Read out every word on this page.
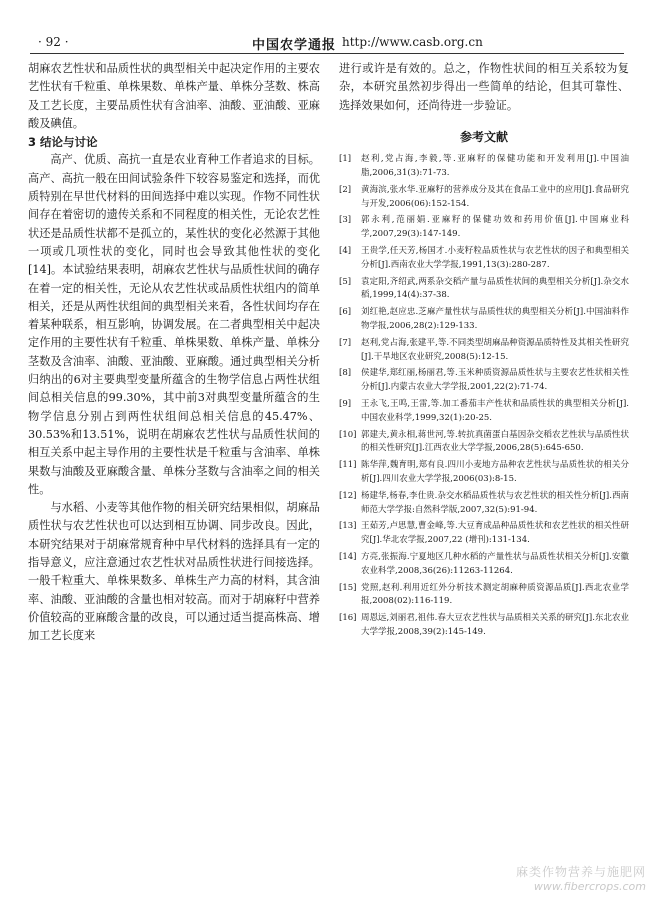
· 92 ·	中国农学通报 http://www.casb.org.cn

胡麻农艺性状和品质性状的典型相关中起决定作用的主要农艺性状有千粒重、单株果数、单株产量、单株分茎数、株高及工艺长度，主要品质性状有含油率、油酸、亚油酸、亚麻酸及碘值。

3 结论与讨论

高产、优质、高抗一直是农业育种工作者追求的目标。高产、高抗一般在田间试验条件下较容易鉴定和选择，而优质特别在早世代材料的田间选择中难以实现。作物不同性状间存在着密切的遗传关系和不同程度的相关性，无论农艺性状还是品质性状都不是孤立的，某性状的变化必然源于其他一项或几项性状的变化，同时也会导致其他性状的变化[14]。本试验结果表明，胡麻农艺性状与品质性状间的确存在着一定的相关性，无论从农艺性状或品质性状组内的简单相关，还是从两性状组间的典型相关来看，各性状间均存在着某种联系，相互影响，协调发展。在二者典型相关中起决定作用的主要性状有千粒重、单株果数、单株产量、单株分茎数及含油率、油酸、亚油酸、亚麻酸。通过典型相关分析归纳出的6对主要典型变量所蕴含的生物学信息占两性状组间总相关信息的99.30%，其中前3对典型变量所蕴含的生物学信息分别占到两性状组间总相关信息的45.47%、30.53%和13.51%，说明在胡麻农艺性状与品质性状间的相互关系中起主导作用的主要性状是千粒重与含油率、单株果数与油酸及亚麻酸含量、单株分茎数与含油率之间的相关性。

与水稻、小麦等其他作物的相关研究结果相似，胡麻品质性状与农艺性状也可以达到相互协调、同步改良。因此，本研究结果对于胡麻常规育种中早代材料的选择具有一定的指导意义，应注意通过农艺性状对品质性状进行间接选择。一般千粒重大、单株果数多、单株生产力高的材料，其含油率、油酸、亚油酸的含量也相对较高。而对于胡麻籽中营养价值较高的亚麻酸含量的改良，可以通过适当提高株高、增加工艺长度来

进行或许是有效的。总之，作物性状间的相互关系较为复杂，本研究虽然初步得出一些简单的结论，但其可靠性、选择效果如何，还尚待进一步验证。

参考文献
[1]	赵利,党占海,李毅,等.亚麻籽的保健功能和开发利用[J].中国油脂,2006,31(3):71-73.
[2]	黄海滨,张水华.亚麻籽的营养成分及其在食品工业中的应用[J].食品研究与开发,2006(06):152-154.
[3]	郭永利,范丽娟.亚麻籽的保健功效和药用价值[J].中国麻业科学,2007,29(3):147-149.
[4]	王贵学,任天芳,杨国才.小麦籽粒品质性状与农艺性状的因子和典型相关分析[J].西南农业大学学报,1991,13(3):280-287.
[5]	袁定阳,齐绍武,两系杂交稻产量与品质性状间的典型相关分析[J].杂交水稻,1999,14(4):37-38.
[6]	刘红艳,赵应忠.芝麻产量性状与品质性状的典型相关分析[J].中国油料作物学报,2006,28(2):129-133.
[7]	赵利,党占海,张建平,等.不同类型胡麻品种资源品质特性及其相关性研究[J].干旱地区农业研究,2008(5):12-15.
[8]	侯建华,郑红丽,杨丽君,等.玉米种质资源品质性状与主要农艺性状相关性分析[J].内蒙古农业大学学报,2001,22(2):71-74.
[9]	王永飞,王鸣,王雷,等.加工番茄丰产性状和品质性状的典型相关分析[J].中国农业科学,1999,32(1):20-25.
[10] 郭建夫,黄永相,蒋世河,等.转抗真菌蛋白基因杂交稻农艺性状与品质性状的相关性研究[J].江西农业大学学报,2006,28(5):645-650.
[11] 陈华萍,魏育明,郑有良.四川小麦地方品种农艺性状与品质性状的相关分析[J].四川农业大学学报,2006(03):8-15.
[12] 杨建华,杨春,李仕贵.杂交水稻品质性状与农艺性状的相关性分析[J].西南师范大学学报:自然科学版,2007,32(5):91-94.
[13] 王茹芳,卢思慧,曹金峰,等.大豆育成品种品质性状和农艺性状的相关性研究[J].华北农学报,2007,22 (增刊):131-134.
[14] 方亮,张振海.宁夏地区几种水稻的产量性状与品质性状相关分析[J].安徽农业科学,2008,36(26):11263-11264.
[15] 党照,赵利.利用近红外分析技术测定胡麻种质资源品质[J].西北农业学报,2008(02):116-119.
[16] 周恩远,刘丽君,祖伟.春大豆农艺性状与品质相关关系的研究[J].东北农业大学学报,2008,39(2):145-149.
麻类作物营养与施肥网
www.fibercrops.com
